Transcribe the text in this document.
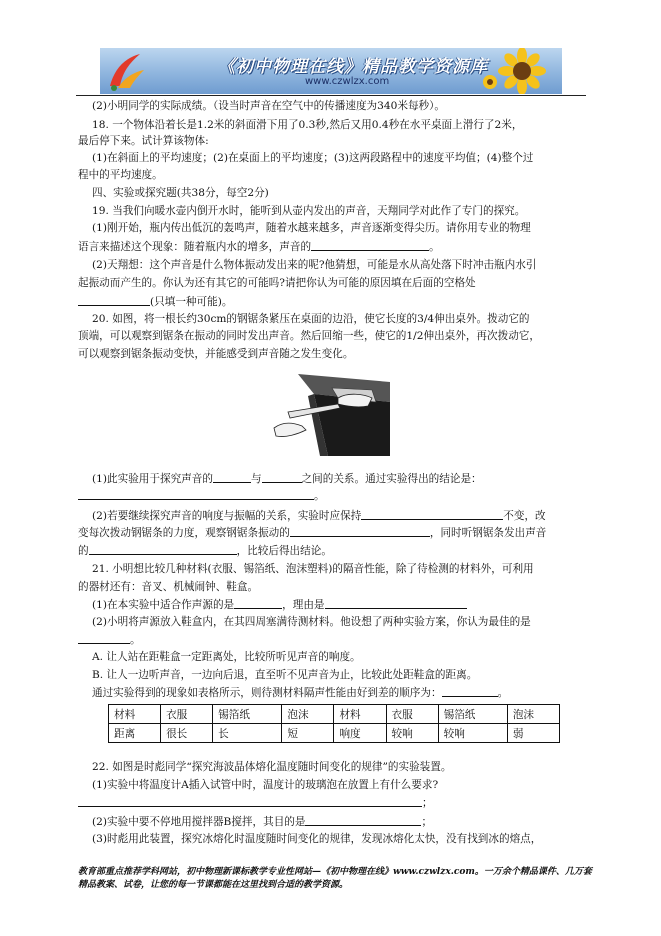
《初中物理在线》精品教学资源库
www.czwlzx.com
(2)小明同学的实际成绩。（设当时声音在空气中的传播速度为340米每秒）。
18. 一个物体沿着长是1.2米的斜面滑下用了0.3秒,然后又用0.4秒在水平桌面上滑行了2米，
最后停下来。试计算该物体:
(1)在斜面上的平均速度；(2)在桌面上的平均速度；(3)这两段路程中的速度平均值；(4)整个过
程中的平均速度。
四、实验或探究题(共38分，每空2分)
19. 当我们向暖水壶内倒开水时，能听到从壶内发出的声音，天翔同学对此作了专门的探究。
(1)刚开始，瓶内传出低沉的轰鸣声，随着水越来越多，声音逐渐变得尖历。请你用专业的物理
语言来描述这个现象：随着瓶内水的增多，声音的	。
(2)天翔想：这个声音是什么物体振动发出来的呢?他猜想，可能是水从高处落下时冲击瓶内水引
起振动而产生的。你认为还有其它的可能吗?请把你认为可能的原因填在后面的空格处
(只填一种可能)。
20. 如图，将一根长约30cm的钢锯条紧压在桌面的边沿，使它长度的3/4伸出桌外。拨动它的
顶端，可以观察到锯条在振动的同时发出声音。然后回缩一些，使它的1/2伸出桌外，再次拨动它，
可以观察到锯条振动变快，并能感受到声音随之发生变化。
(1)此实验用于探究声音的	与	之间的关系。通过实验得出的结论是：
。
(2)若要继续探究声音的响度与振幅的关系，实验时应保持	不变，改
变每次拨动钢锯条的力度，观察钢锯条振动的	，同时听钢锯条发出声音
的	，比较后得出结论。
21. 小明想比较几种材料(衣服、锡箔纸、泡沫塑料)的隔音性能，除了待检测的材料外，可利用
的器材还有：音叉、机械闹钟、鞋盒。
(1)在本实验中适合作声源的是	，理由是
(2)小明将声源放入鞋盒内，在其四周塞满待测材料。他设想了两种实验方案，你认为最佳的是
。
A. 让人站在距鞋盒一定距离处，比较所听见声音的响度。
B. 让人一边听声音，一边向后退，直至听不见声音为止，比较此处距鞋盒的距离。
通过实验得到的现象如表格所示，则待测材料隔声性能由好到差的顺序为：	。
材料	衣服	锡箔纸	泡沫	材料	衣服	锡箔纸	泡沫
距离	很长	长	短	响度	较响	较响	弱
22. 如图是时彪同学“探究海波晶体熔化温度随时间变化的规律”的实验装置。
(1)实验中将温度计A插入试管中时，温度计的玻璃泡在放置上有什么要求?
；
(2)实验中要不停地用搅拌器B搅拌，其目的是	；
(3)时彪用此装置，探究冰熔化时温度随时间变化的规律，发现冰熔化太快，没有找到冰的熔点，
教育部重点推荐学科网站，初中物理新课标教学专业性网站—《初中物理在线》www.czwlzx.com。一万余个精品课件、几万套精品教案、试卷，让您的每一节课都能在这里找到合适的教学资源。
